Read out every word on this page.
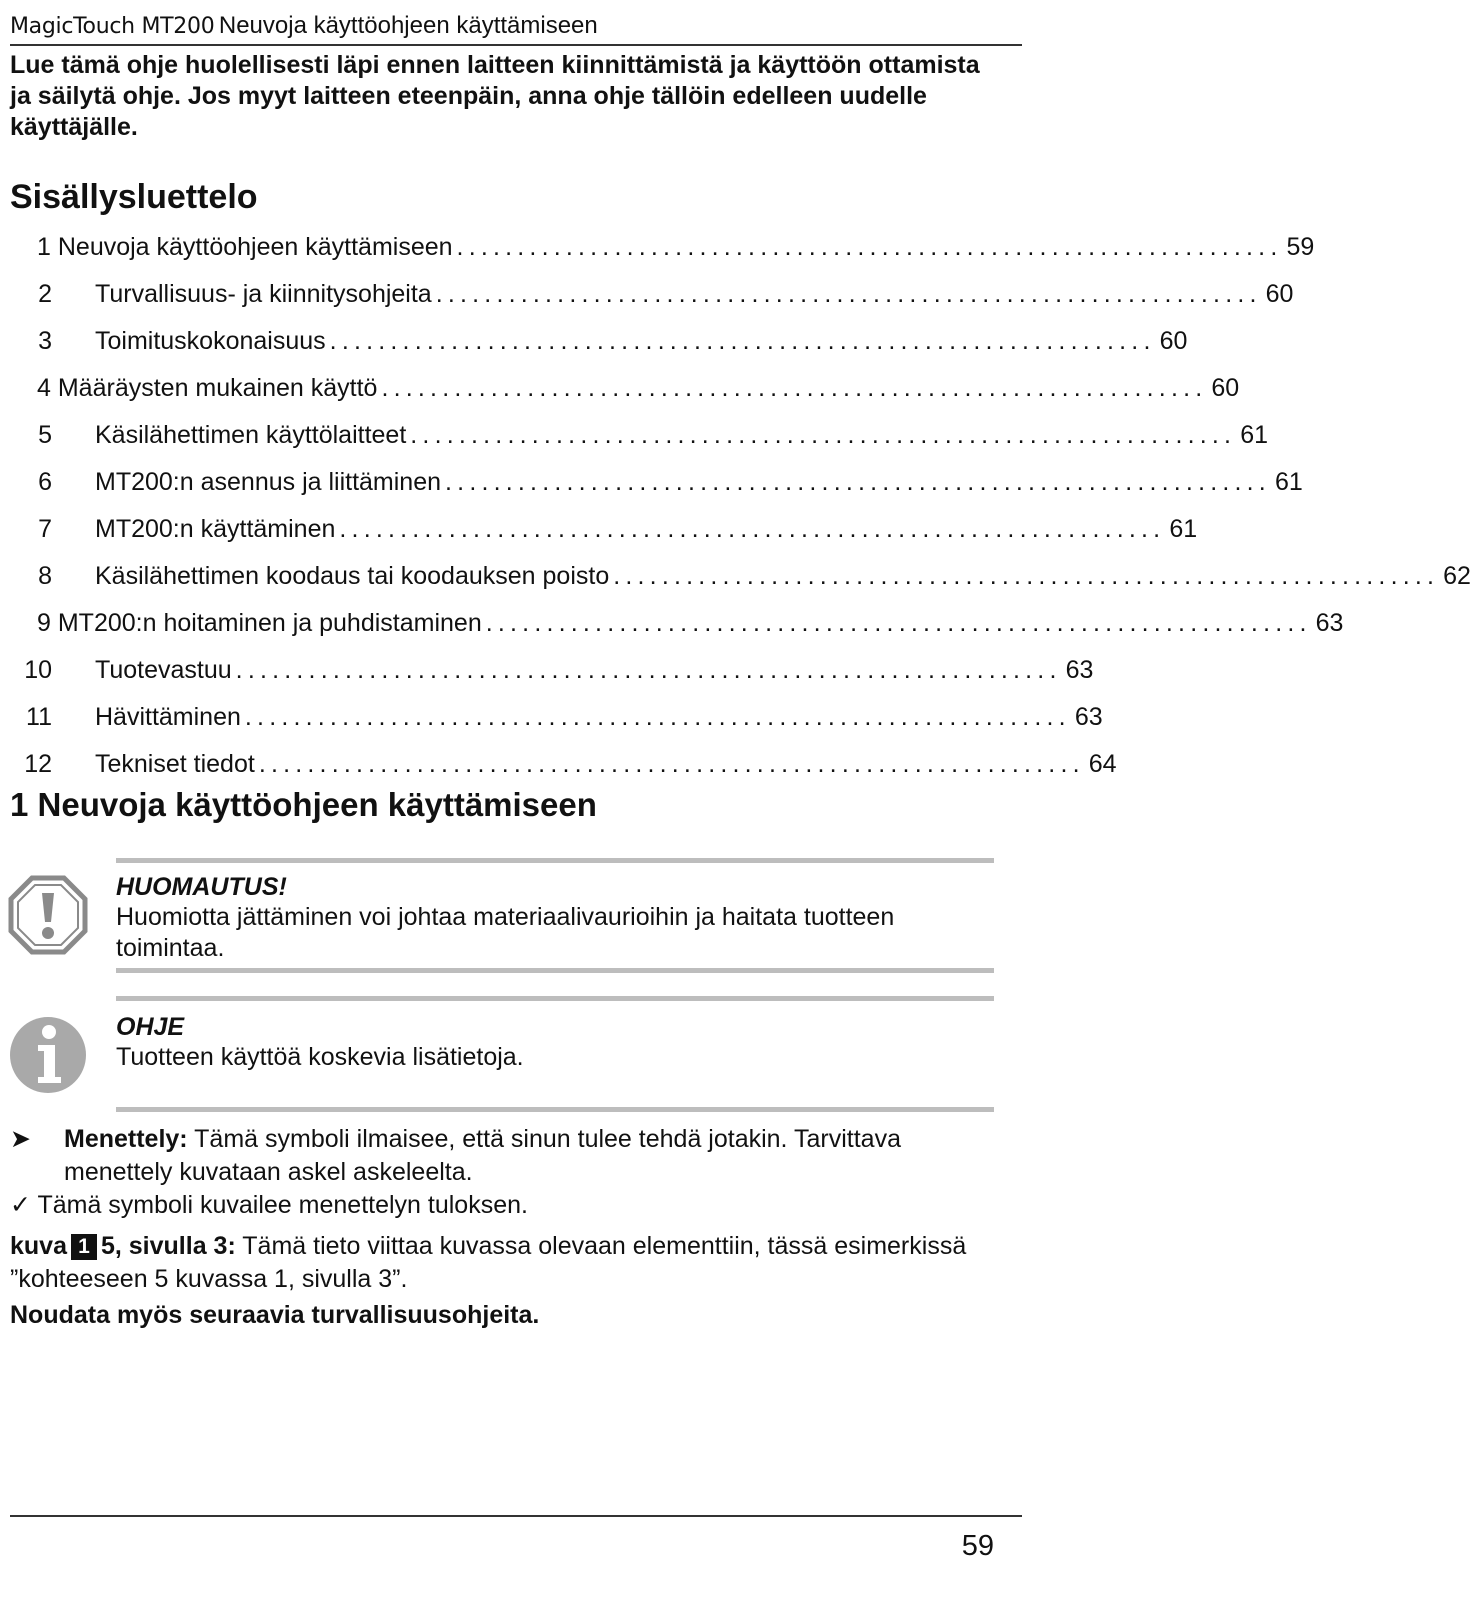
MagicTouch MT200 Neuvoja käyttöohjeen käyttämiseen
Lue tämä ohje huolellisesti läpi ennen laitteen kiinnittämistä ja käyttöön ottamista ja säilytä ohje. Jos myyt laitteen eteenpäin, anna ohje tällöin edelleen uudelle käyttäjälle.
Sisällysluettelo
1 Neuvoja käyttöohjeen käyttämiseen .................................................................... 59
2 Turvallisuus- ja kiinnitysohjeita .................................................................... 60
3 Toimituskokonaisuus .................................................................... 60
4 Määräysten mukainen käyttö .................................................................... 60
5 Käsilähettimen käyttölaitteet .................................................................... 61
6 MT200:n asennus ja liittäminen .................................................................... 61
7 MT200:n käyttäminen .................................................................... 61
8 Käsilähettimen koodaus tai koodauksen poisto .................................................................... 62
9 MT200:n hoitaminen ja puhdistaminen .................................................................... 63
10 Tuotevastuu .................................................................... 63
11 Hävittäminen .................................................................... 63
12 Tekniset tiedot .................................................................... 64
1 Neuvoja käyttöohjeen käyttämiseen
HUOMAUTUS!
Huomiotta jättäminen voi johtaa materiaalivaurioihin ja haitata tuotteen toimintaa.
OHJE
Tuotteen käyttöä koskevia lisätietoja.
➤ Menettely: Tämä symboli ilmaisee, että sinun tulee tehdä jotakin. Tarvittava menettely kuvataan askel askeleelta.
✓ Tämä symboli kuvailee menettelyn tuloksen.
kuva 1 5, sivulla 3: Tämä tieto viittaa kuvassa olevaan elementtiin, tässä esimerkissä ”kohteeseen 5 kuvassa 1, sivulla 3”.
Noudata myös seuraavia turvallisuusohjeita.
59
